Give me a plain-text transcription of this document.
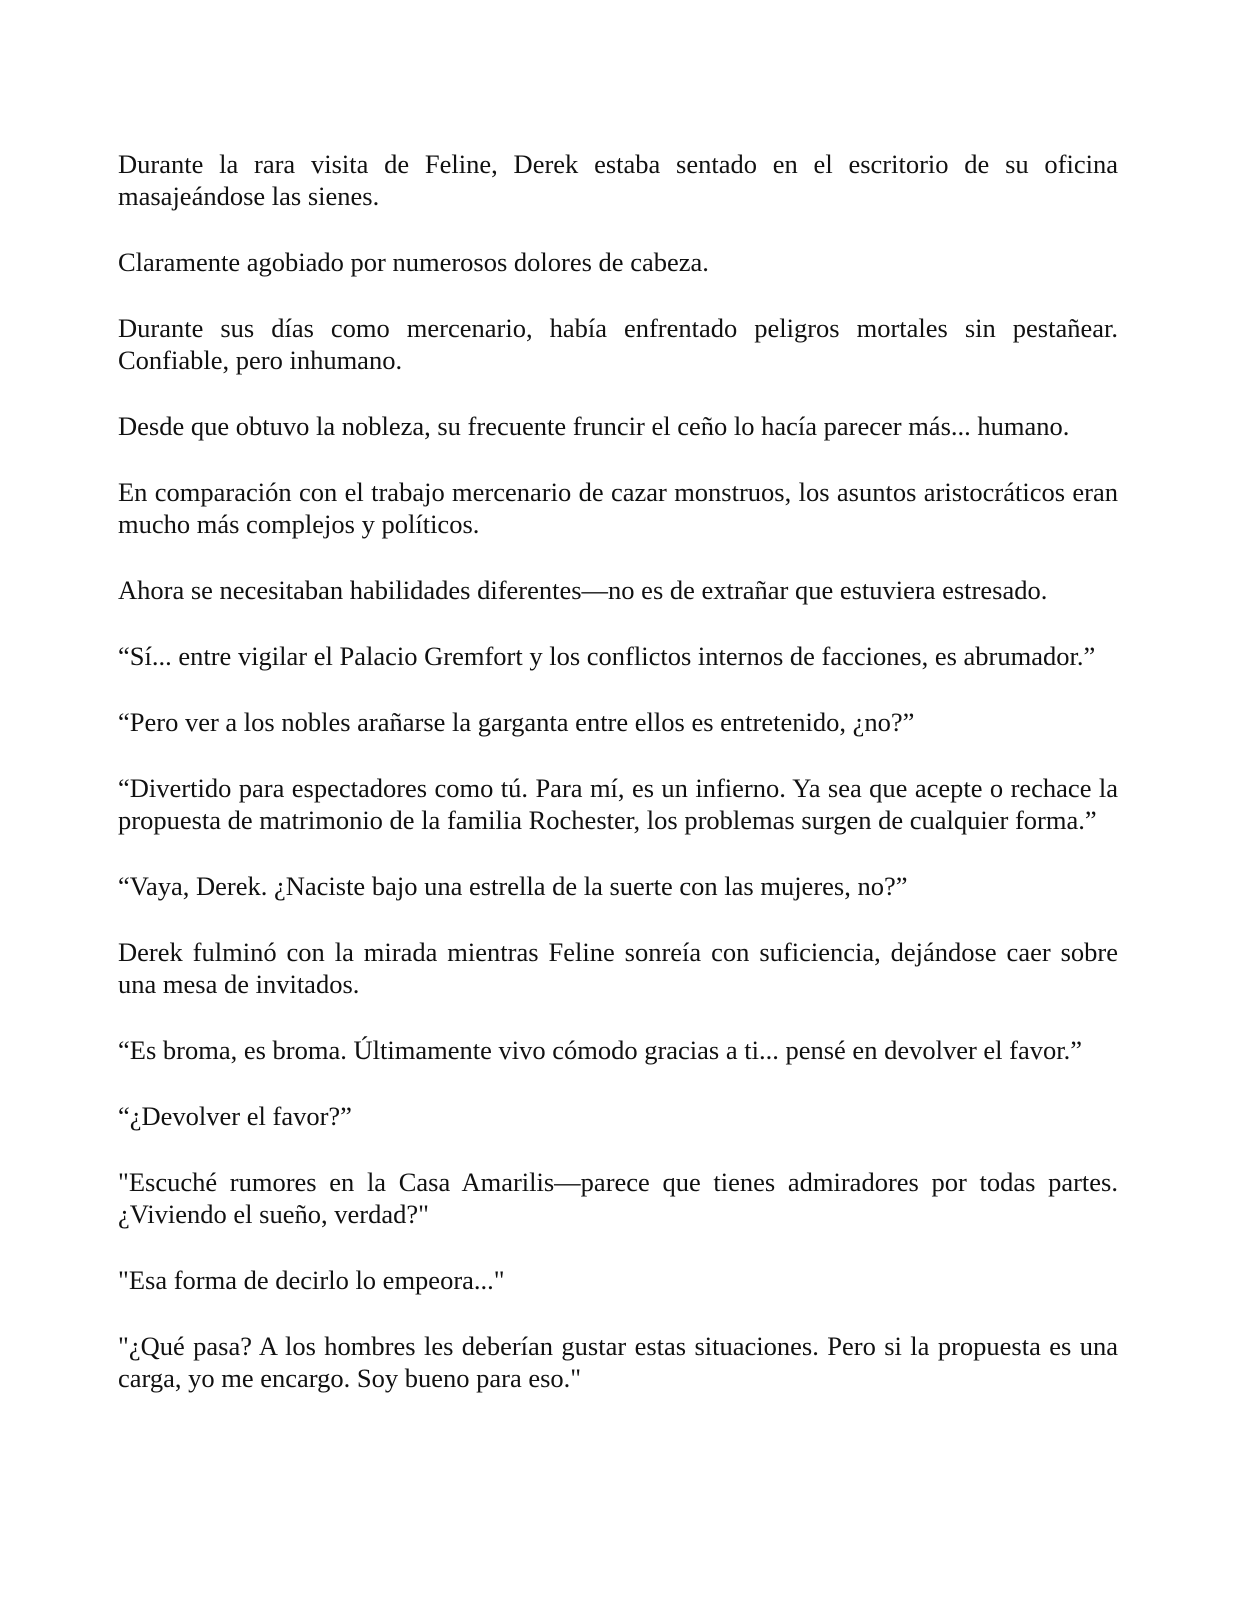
Durante la rara visita de Feline, Derek estaba sentado en el escritorio de su oficina masajeándose las sienes.

Claramente agobiado por numerosos dolores de cabeza.

Durante sus días como mercenario, había enfrentado peligros mortales sin pestañear. Confiable, pero inhumano.

Desde que obtuvo la nobleza, su frecuente fruncir el ceño lo hacía parecer más... humano.

En comparación con el trabajo mercenario de cazar monstruos, los asuntos aristocráticos eran mucho más complejos y políticos.

Ahora se necesitaban habilidades diferentes—no es de extrañar que estuviera estresado.

“Sí... entre vigilar el Palacio Gremfort y los conflictos internos de facciones, es abrumador.”

“Pero ver a los nobles arañarse la garganta entre ellos es entretenido, ¿no?”

“Divertido para espectadores como tú. Para mí, es un infierno. Ya sea que acepte o rechace la propuesta de matrimonio de la familia Rochester, los problemas surgen de cualquier forma.”

“Vaya, Derek. ¿Naciste bajo una estrella de la suerte con las mujeres, no?”

Derek fulminó con la mirada mientras Feline sonreía con suficiencia, dejándose caer sobre una mesa de invitados.

“Es broma, es broma. Últimamente vivo cómodo gracias a ti... pensé en devolver el favor.”

“¿Devolver el favor?”

"Escuché rumores en la Casa Amarilis—parece que tienes admiradores por todas partes. ¿Viviendo el sueño, verdad?"

"Esa forma de decirlo lo empeora..."

"¿Qué pasa? A los hombres les deberían gustar estas situaciones. Pero si la propuesta es una carga, yo me encargo. Soy bueno para eso."
